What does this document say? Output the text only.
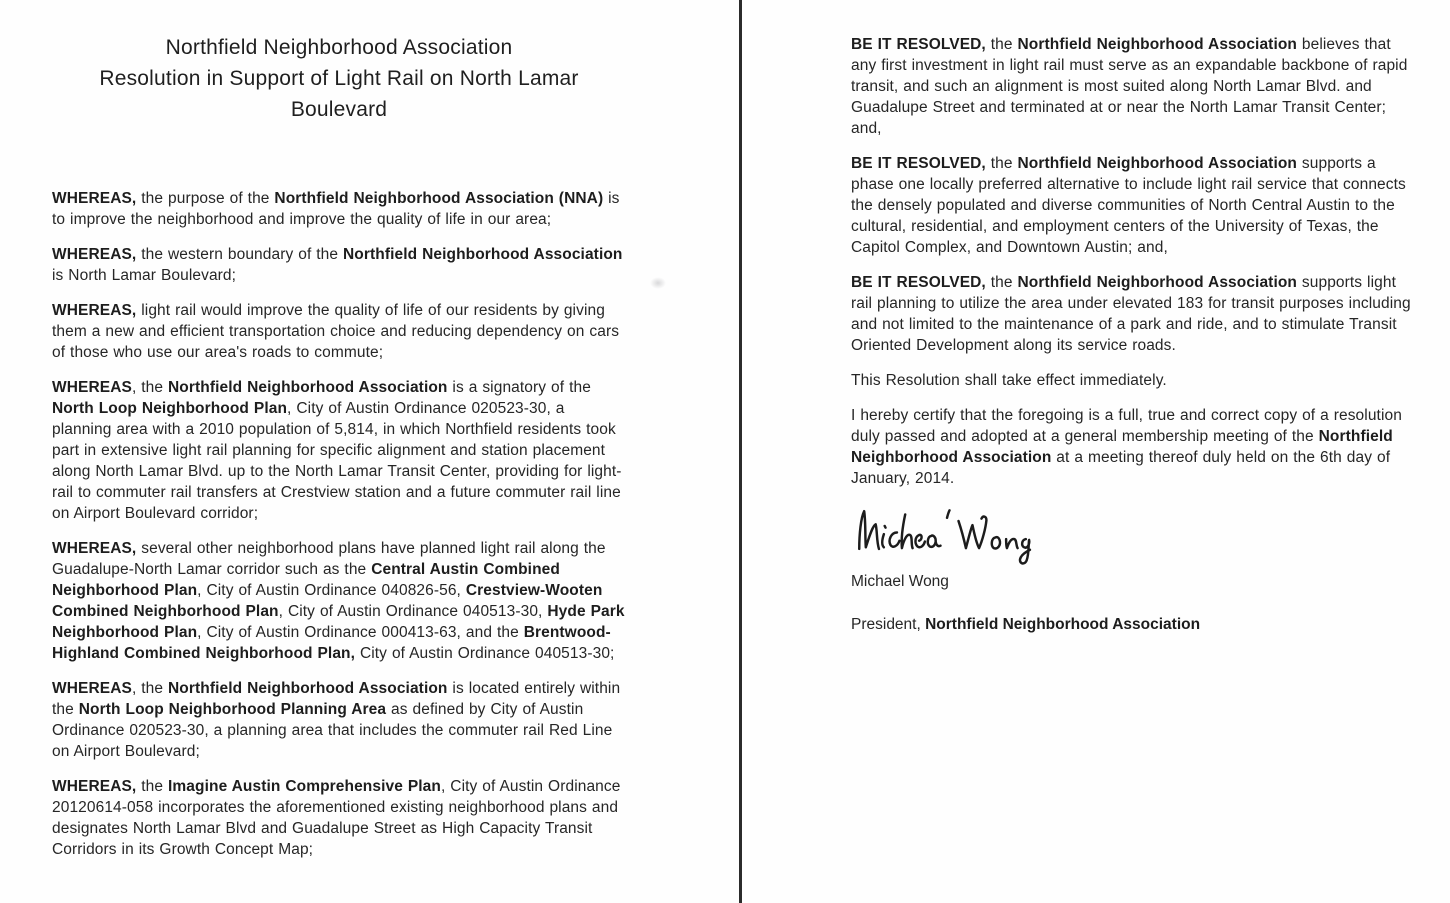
Northfield Neighborhood Association
Resolution in Support of Light Rail on North Lamar
Boulevard

WHEREAS, the purpose of the Northfield Neighborhood Association (NNA) is to improve the neighborhood and improve the quality of life in our area;

WHEREAS, the western boundary of the Northfield Neighborhood Association is North Lamar Boulevard;

WHEREAS, light rail would improve the quality of life of our residents by giving them a new and efficient transportation choice and reducing dependency on cars of those who use our area's roads to commute;

WHEREAS, the Northfield Neighborhood Association is a signatory of the North Loop Neighborhood Plan, City of Austin Ordinance 020523-30, a planning area with a 2010 population of 5,814, in which Northfield residents took part in extensive light rail planning for specific alignment and station placement along North Lamar Blvd. up to the North Lamar Transit Center, providing for light-rail to commuter rail transfers at Crestview station and a future commuter rail line on Airport Boulevard corridor;

WHEREAS, several other neighborhood plans have planned light rail along the Guadalupe-North Lamar corridor such as the Central Austin Combined Neighborhood Plan, City of Austin Ordinance 040826-56, Crestview-Wooten Combined Neighborhood Plan, City of Austin Ordinance 040513-30, Hyde Park Neighborhood Plan, City of Austin Ordinance 000413-63, and the Brentwood-Highland Combined Neighborhood Plan, City of Austin Ordinance 040513-30;

WHEREAS, the Northfield Neighborhood Association is located entirely within the North Loop Neighborhood Planning Area as defined by City of Austin Ordinance 020523-30, a planning area that includes the commuter rail Red Line on Airport Boulevard;

WHEREAS, the Imagine Austin Comprehensive Plan, City of Austin Ordinance 20120614-058 incorporates the aforementioned existing neighborhood plans and designates North Lamar Blvd and Guadalupe Street as High Capacity Transit Corridors in its Growth Concept Map;

BE IT RESOLVED, the Northfield Neighborhood Association believes that any first investment in light rail must serve as an expandable backbone of rapid transit, and such an alignment is most suited along North Lamar Blvd. and Guadalupe Street and terminated at or near the North Lamar Transit Center; and,

BE IT RESOLVED, the Northfield Neighborhood Association supports a phase one locally preferred alternative to include light rail service that connects the densely populated and diverse communities of North Central Austin to the cultural, residential, and employment centers of the University of Texas, the Capitol Complex, and Downtown Austin; and,

BE IT RESOLVED, the Northfield Neighborhood Association supports light rail planning to utilize the area under elevated 183 for transit purposes including and not limited to the maintenance of a park and ride, and to stimulate Transit Oriented Development along its service roads.

This Resolution shall take effect immediately.

I hereby certify that the foregoing is a full, true and correct copy of a resolution duly passed and adopted at a general membership meeting of the Northfield Neighborhood Association at a meeting thereof duly held on the 6th day of January, 2014.

Michael Wong
President, Northfield Neighborhood Association
